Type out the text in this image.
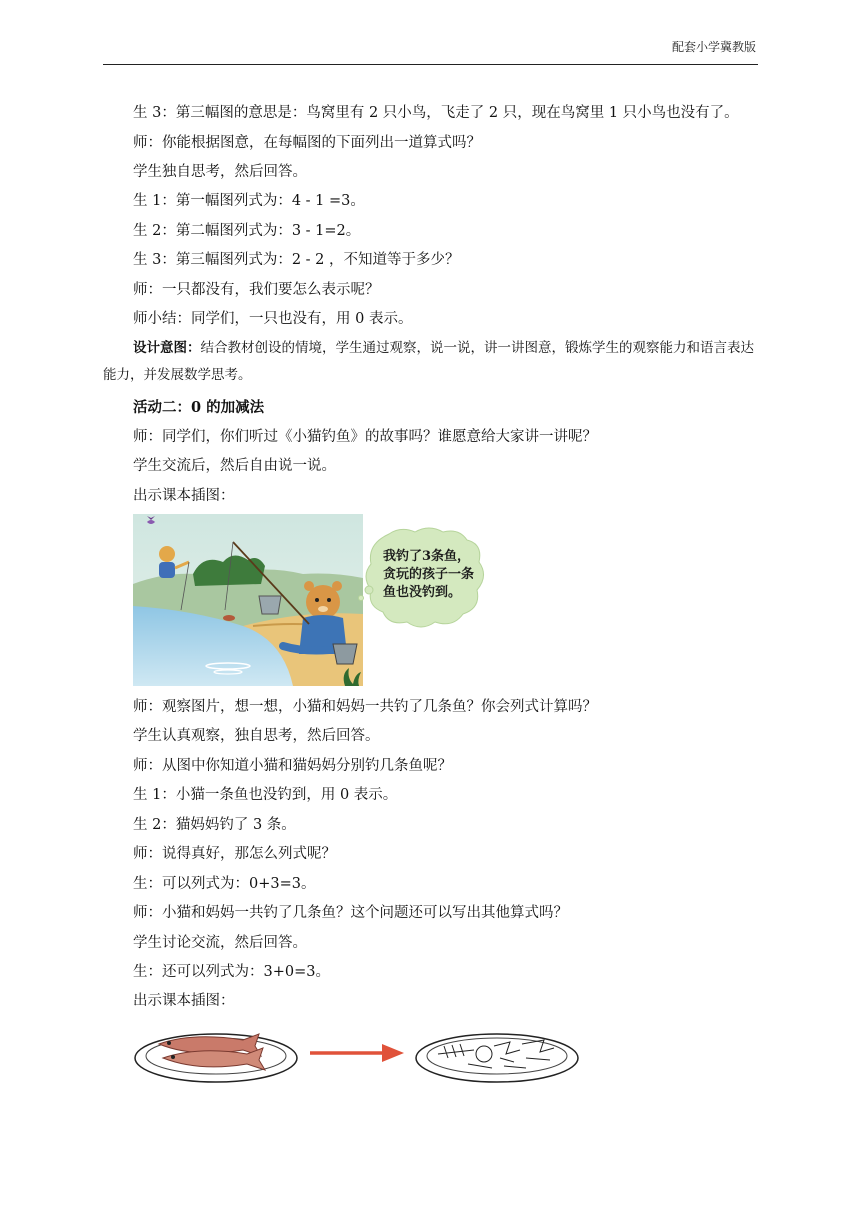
配套小学冀教版
生 3：第三幅图的意思是：鸟窝里有 2 只小鸟，飞走了 2 只，现在鸟窝里 1 只小鸟也没有了。
师：你能根据图意，在每幅图的下面列出一道算式吗？
学生独自思考，然后回答。
生 1：第一幅图列式为：4 - 1 =3。
生 2：第二幅图列式为：3 - 1=2。
生 3：第三幅图列式为：2 - 2 ，不知道等于多少？
师：一只都没有，我们要怎么表示呢？
师小结：同学们，一只也没有，用 0 表示。
设计意图：结合教材创设的情境，学生通过观察，说一说，讲一讲图意，锻炼学生的观察能力和语言表达能力，并发展数学思考。
活动二：0 的加减法
师：同学们，你们听过《小猫钓鱼》的故事吗？谁愿意给大家讲一讲呢？
学生交流后，然后自由说一说。
出示课本插图：
我钓了3条鱼，贪玩的孩子一条鱼也没钓到。
师：观察图片，想一想，小猫和妈妈一共钓了几条鱼？你会列式计算吗？
学生认真观察，独自思考，然后回答。
师：从图中你知道小猫和猫妈妈分别钓几条鱼呢？
生 1：小猫一条鱼也没钓到，用 0 表示。
生 2：猫妈妈钓了 3 条。
师：说得真好，那怎么列式呢？
生：可以列式为：0+3=3。
师：小猫和妈妈一共钓了几条鱼？这个问题还可以写出其他算式吗？
学生讨论交流，然后回答。
生：还可以列式为：3+0=3。
出示课本插图：
